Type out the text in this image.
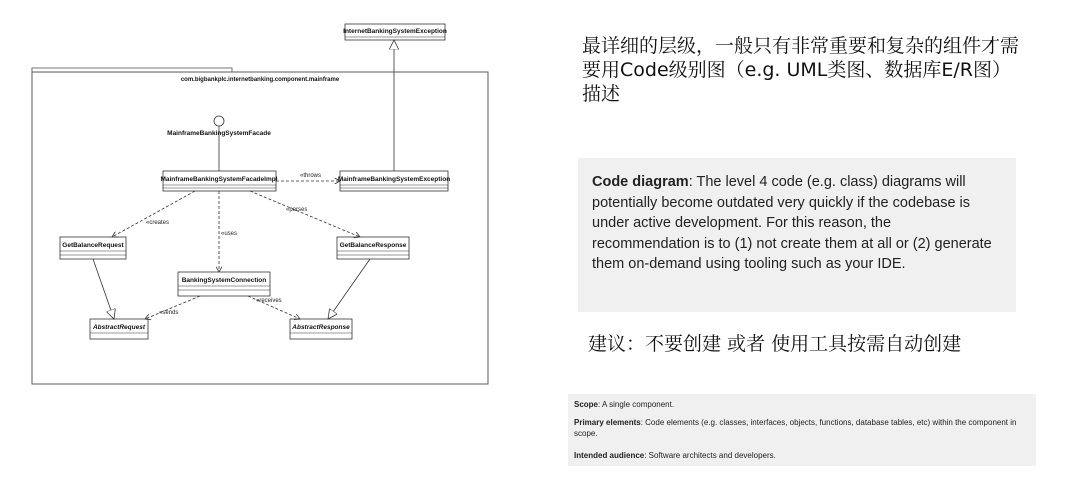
com.bigbankplc.internetbanking.component.mainframe
InternetBankingSystemException
MainframeBankingSystemFacade
MainframeBankingSystemFacadeImpl	MainframeBankingSystemException
GetBalanceRequest	GetBalanceResponse
BankingSystemConnection
AbstractRequest	AbstractResponse
«throws
«creates
«uses
«parses
«sends
«receives

最详细的层级，一般只有非常重要和复杂的组件才需要用Code级别图（e.g. UML类图、数据库E/R图）描述

Code diagram: The level 4 code (e.g. class) diagrams will potentially become outdated very quickly if the codebase is under active development. For this reason, the recommendation is to (1) not create them at all or (2) generate them on-demand using tooling such as your IDE.

建议：不要创建 或者 使用工具按需自动创建

Scope: A single component.

Primary elements: Code elements (e.g. classes, interfaces, objects, functions, database tables, etc) within the component in scope.

Intended audience: Software architects and developers.
